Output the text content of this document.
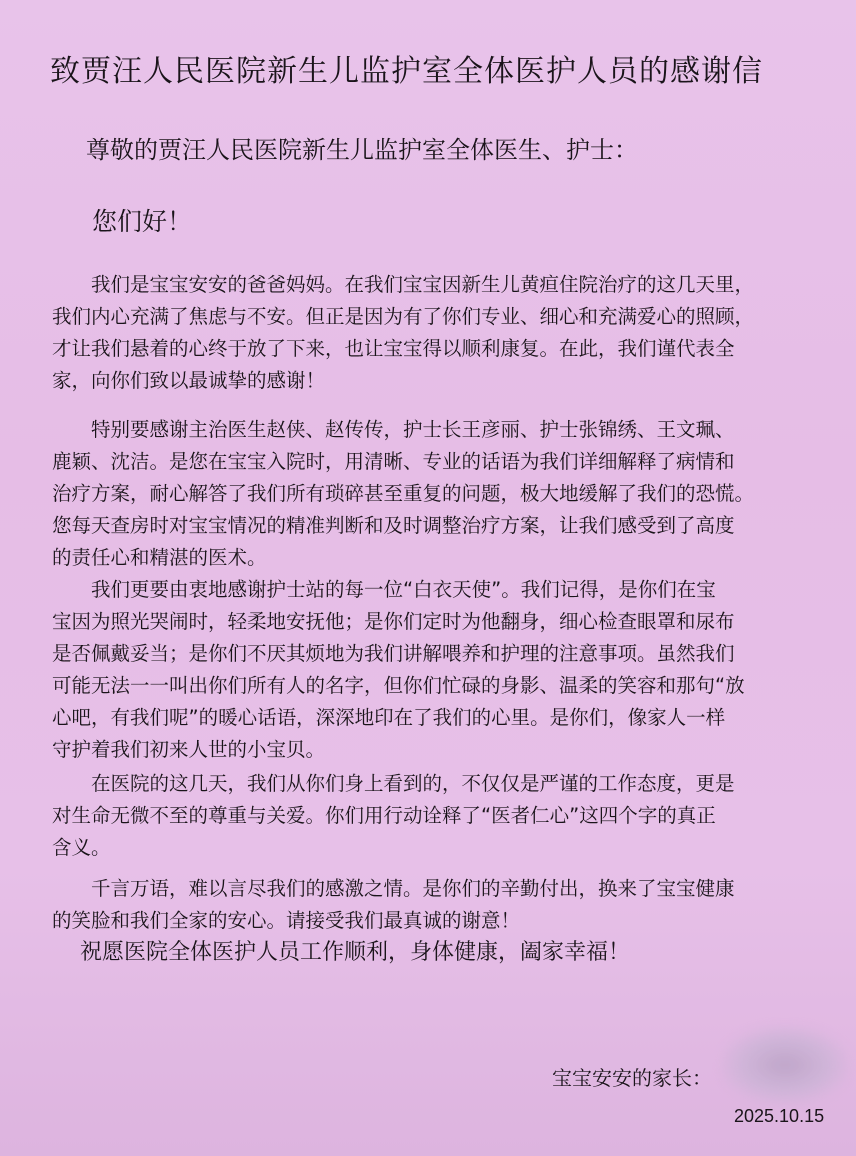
致贾汪人民医院新生儿监护室全体医护人员的感谢信
尊敬的贾汪人民医院新生儿监护室全体医生、护士：
您们好！
　　我们是宝宝安安的爸爸妈妈。在我们宝宝因新生儿黄疸住院治疗的这几天里，
我们内心充满了焦虑与不安。但正是因为有了你们专业、细心和充满爱心的照顾，
才让我们悬着的心终于放了下来，也让宝宝得以顺利康复。在此，我们谨代表全
家，向你们致以最诚挚的感谢！
　　特别要感谢主治医生赵侠、赵传传，护士长王彦丽、护士张锦绣、王文珮、
鹿颖、沈洁。是您在宝宝入院时，用清晰、专业的话语为我们详细解释了病情和
治疗方案，耐心解答了我们所有琐碎甚至重复的问题，极大地缓解了我们的恐慌。
您每天查房时对宝宝情况的精准判断和及时调整治疗方案，让我们感受到了高度
的责任心和精湛的医术。
　　我们更要由衷地感谢护士站的每一位“白衣天使”。我们记得，是你们在宝
宝因为照光哭闹时，轻柔地安抚他；是你们定时为他翻身，细心检查眼罩和尿布
是否佩戴妥当；是你们不厌其烦地为我们讲解喂养和护理的注意事项。虽然我们
可能无法一一叫出你们所有人的名字，但你们忙碌的身影、温柔的笑容和那句“放
心吧，有我们呢”的暖心话语，深深地印在了我们的心里。是你们，像家人一样
守护着我们初来人世的小宝贝。
　　在医院的这几天，我们从你们身上看到的，不仅仅是严谨的工作态度，更是
对生命无微不至的尊重与关爱。你们用行动诠释了“医者仁心”这四个字的真正
含义。
　　千言万语，难以言尽我们的感激之情。是你们的辛勤付出，换来了宝宝健康
的笑脸和我们全家的安心。请接受我们最真诚的谢意！
祝愿医院全体医护人员工作顺利，身体健康，阖家幸福！
宝宝安安的家长：
2025.10.15
